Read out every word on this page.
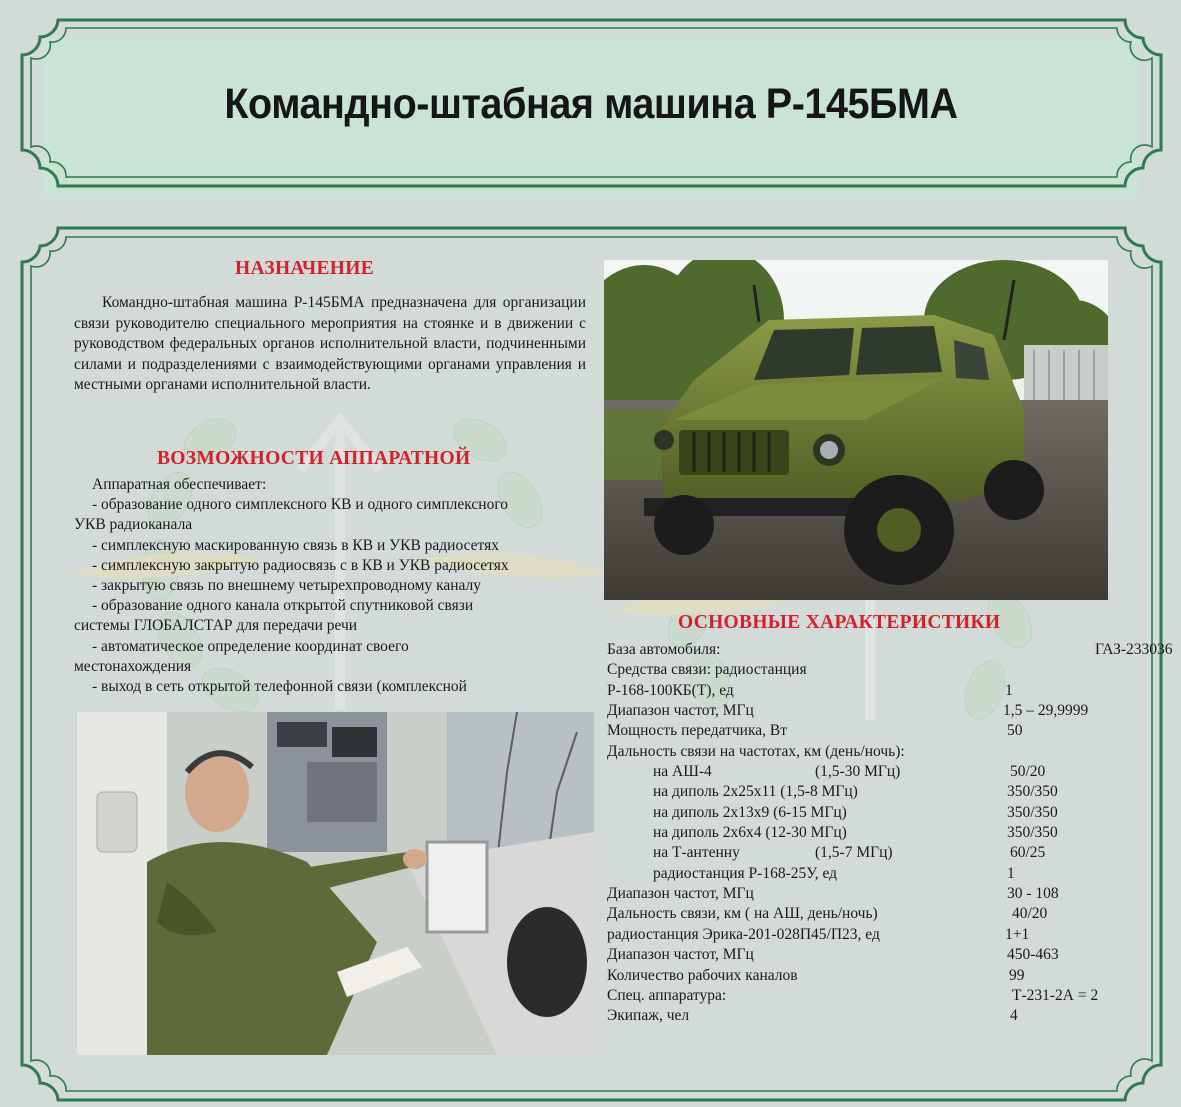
Командно-штабная машина Р-145БМА
НАЗНАЧЕНИЕ
Командно-штабная машина Р-145БМА предназначена для организации связи руководителю специального мероприятия на стоянке и в движении с руководством федеральных органов исполнительной власти, подчиненными силами и подразделениями с взаимодействующими органами управления и местными органами исполнительной власти.
ВОЗМОЖНОСТИ АППАРАТНОЙ
Аппаратная обеспечивает:
- образование одного симплексного КВ и одного симплексного
УКВ радиоканала
- симплексную маскированную связь в КВ и УКВ радиосетях
- симплексную закрытую радиосвязь с в КВ и УКВ радиосетях
- закрытую связь по внешнему четырехпроводному каналу
- образование одного канала открытой спутниковой связи
системы ГЛОБАЛСТАР для передачи речи
- автоматическое определение координат своего
местонахождения
- выход в сеть открытой телефонной связи (комплексной
ОСНОВНЫЕ ХАРАКТЕРИСТИКИ
База автомобиля:	ГАЗ-233036
Средства связи: радиостанция
Р-168-100КБ(Т), ед	1
Диапазон частот, МГц	1,5 – 29,9999
Мощность передатчика, Вт	50
Дальность связи на частотах, км (день/ночь):
на АШ-4	(1,5-30 МГц)	50/20
на диполь 2х25х11 (1,5-8 МГц)	350/350
на диполь 2х13х9 (6-15 МГц)	350/350
на диполь 2х6х4 (12-30 МГц)	350/350
на Т-антенну	(1,5-7 МГц)	60/25
радиостанция Р-168-25У, ед	1
Диапазон частот, МГц	30 - 108
Дальность связи, км ( на АШ, день/ночь)	40/20
радиостанция Эрика-201-028П45/П23, ед	1+1
Диапазон частот, МГц	450-463
Количество рабочих каналов	99
Спец. аппаратура:	Т-231-2А = 2
Экипаж, чел	4
